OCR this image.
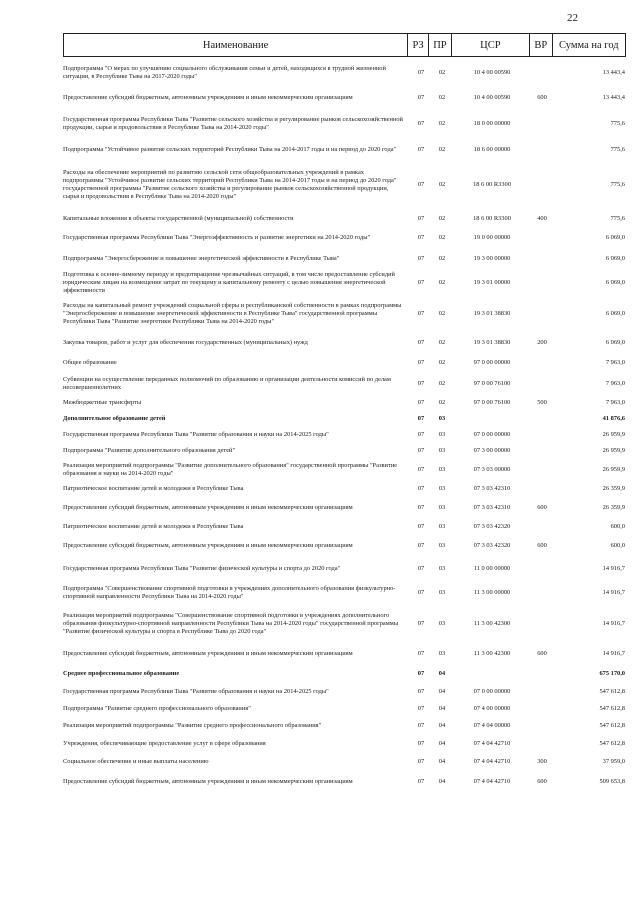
22
Наименование	РЗ	ПР	ЦСР	ВР	Сумма на год
Подпрограмма "О мерах по улучшению социального обслуживания семьи и детей, находящихся в трудной жизненной ситуации, в Республике Тыва на 2017-2020 годы"
07	02	10 4 00 00590	13 443,4
Предоставление субсидий бюджетным, автономным учреждениям и иным некоммерческим организациям	07	02	10 4 00 00590	600	13 443,4
Государственная программа Республики Тыва "Развитие сельского хозяйства и регулирование рынков сельскохозяйственной продукции, сырья и продовольствия в Республике Тыва на 2014-2020 годы"
07	02	18 0 00 00000	775,6
Подпрограмма "Устойчивое развитие сельских территорий Республики Тыва на 2014-2017 годы и на период до 2020 года"	07	02	18 6 00 00000	775,6
Расходы на обеспечение мероприятий по развитию сельской сети общеобразовательных учреждений в рамках подпрограммы "Устойчивое развитие сельских территорий Республики Тыва на 2014-2017 годы и на период до 2020 года" государственной программы "Развитие сельского хозяйства и регулирование рынков сельскохозяйственной продукции, сырья и продовольствия в Республике Тыва на 2014-2020 годы"
07	02	18 6 00 R3300	775,6
Капитальные вложения в объекты государственной (муниципальной) собственности	07	02	18 6 00 R3300	400	775,6
Государственная программа Республики Тыва "Энергоэффективность и развитие энергетики на 2014-2020 годы"	07	02	19 0 00 00000	6 069,0
Подпрограмма "Энергосбережение и повышение энергетической эффективности в Республике Тыва"	07	02	19 3 00 00000	6 069,0
Подготовка к осенне-зимнему периоду и предотвращение чрезвычайных ситуаций, в том числе предоставление субсидий юридическим лицам на возмещение затрат по текущему и капитальному ремонту с целью повышения энергетической эффективности
07	02	19 3 01 00000	6 069,0
Расходы на капитальный ремонт учреждений социальной сферы и республиканской собственности в рамках подпрограммы "Энергосбережение и повышение энергетической эффективности в Республике Тыва" государственной программы Республики Тыва "Развитие энергетики Республики Тыва на 2014-2020 годы"
07	02	19 3 01 38830	6 069,0
Закупка товаров, работ и услуг для обеспечения государственных (муниципальных) нужд	07	02	19 3 01 38830	200	6 069,0
Общее образование	07	02	97 0 00 00000	7 963,0
Субвенции на осуществление переданных полномочий по образованию и организации деятельности комиссий по делам несовершеннолетних
07	02	97 0 00 76100	7 963,0
Межбюджетные трансферты	07	02	97 0 00 76100	500	7 963,0
Дополнительное образование детей	07	03	41 876,6
Государственная программа Республики Тыва "Развитие образования и науки на 2014-2025 годы"	07	03	07 0 00 00000	26 959,9
Подпрограмма "Развитие дополнительного образования детей"	07	03	07 3 00 00000	26 959,9
Реализация мероприятий подпрограммы "Развитие дополнительного образования" государственной программы "Развитие образования и науки на 2014-2020 годы"
07	03	07 3 03 00000	26 959,9
Патриотическое воспитание детей и молодежи в Республике Тыва	07	03	07 3 03 42310	26 359,9
Предоставление субсидий бюджетным, автономным учреждениям и иным некоммерческим организациям	07	03	07 3 03 42310	600	26 359,9
Патриотическое воспитание детей и молодежи в Республике Тыва	07	03	07 3 03 42320	600,0
Предоставление субсидий бюджетным, автономным учреждениям и иным некоммерческим организациям	07	03	07 3 03 42320	600	600,0
Государственная программа Республики Тыва "Развитие физической культуры и спорта до 2020 года"	07	03	11 0 00 00000	14 916,7
Подпрограмма "Совершенствование спортивной подготовки в учреждениях дополнительного образования физкультурно-спортивной направленности Республики Тыва на 2014-2020 годы"
07	03	11 3 00 00000	14 916,7
Реализация мероприятий подпрограммы "Совершенствование спортивной подготовки в учреждениях дополнительного образования физкультурно-спортивной направленности Республики Тыва на 2014-2020 годы" государственной программы "Развитие физической культуры и спорта в Республике Тыва до 2020 года"
07	03	11 3 00 42300	14 916,7
Предоставление субсидий бюджетным, автономным учреждениям и иным некоммерческим организациям	07	03	11 3 00 42300	600	14 916,7
Среднее профессиональное образование	07	04	675 170,0
Государственная программа Республики Тыва "Развитие образования и науки на 2014-2025 годы"	07	04	07 0 00 00000	547 612,8
Подпрограмма "Развитие среднего профессионального образования"	07	04	07 4 00 00000	547 612,8
Реализация мероприятий подпрограммы "Развитие среднего профессионального образования"	07	04	07 4 04 00000	547 612,8
Учреждения, обеспечивающие предоставление услуг в сфере образования	07	04	07 4 04 42710	547 612,8
Социальное обеспечение и иные выплаты населению	07	04	07 4 04 42710	300	37 959,0
Предоставление субсидий бюджетным, автономным учреждениям и иным некоммерческим организациям	07	04	07 4 04 42710	600	509 653,8
